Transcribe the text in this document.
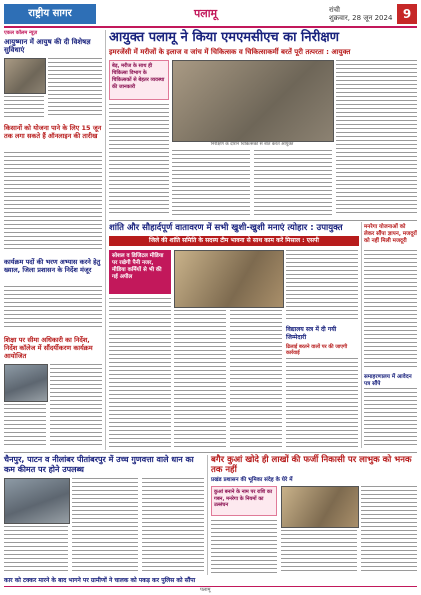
राष्ट्रीय सागर	पलामू	रांची
शुक्रवार, 28 जून 2024 9
एकल कॉलम न्यूज़
आयुष्मान में आयुष की दी विशेषज्ञ सुविधाएं
किसानों को योजना पाने के लिए 15 जून तक लगा सकते हैं ऑनलाइन की तारीख
कार्यक्रम पदों की भरण अभ्यास करने हेतु ख्याल, जिला प्रशासन के निर्देश मंजूर
शिक्षा पर सीमा अधिकारी का निर्देश, निर्देश कॉलेज में सौंदर्यीकरण कार्यक्रम आयोजित
आयुक्त पलामू ने किया एमएमसीएच का निरीक्षण
इमरजेंसी में मरीजों के इलाज व जांच में चिकित्सक व चिकित्साकर्मी बरतें पूरी तत्परता : आयुक्त
बेड़, मरीज के साथ ही चिकित्सा विभाग के चिकित्सकों से बेहतर व्यवस्था की जानकारी
निरीक्षण के दौरान चिकित्सकों से बात करते आयुक्त
शांति और सौहार्दपूर्ण वातावरण में सभी खुशी-खुशी मनाएं त्योहार : उपायुक्त
जिले की शांति समिति के सदस्य टीम भावना से साथ काम करें मिसाल : एसपी
सोशल व डिजिटल मीडिया पर रखेगी पैनी नजर, मीडिया कर्मियों से भी की गई अपील
विद्यालय सत्र में दी गयी जिम्मेदारी
ढिलाई बरतने वालों पर की जाएगी कार्रवाई
मनरेगा योजनाओं को लेकर सौंपा ज्ञापन, मजदूरों को नहीं मिली मजदूरी
समाहरणालय में आवेदन पत्र सौंपे
चैनपुर, पाटन व नीलांबर पीतांबरपुर में उच्च गुणवत्ता वाले धान का कम कीमत पर होने उपलब्ध
बगैर कुआं खोदे ही लाखों की फर्जी निकासी पर लाभुक को भनक तक नहीं
प्रखंड प्रशासन की भूमिका संदेह के घेरे में
कुआं बनाने के नाम पर राशि का गबन, मनरेगा के नियमों का उल्लंघन
कार को टक्कर मारने के बाद भागने पर ग्रामीणों ने चालक को पकड़ कर पुलिस को सौंपा
पलामू
